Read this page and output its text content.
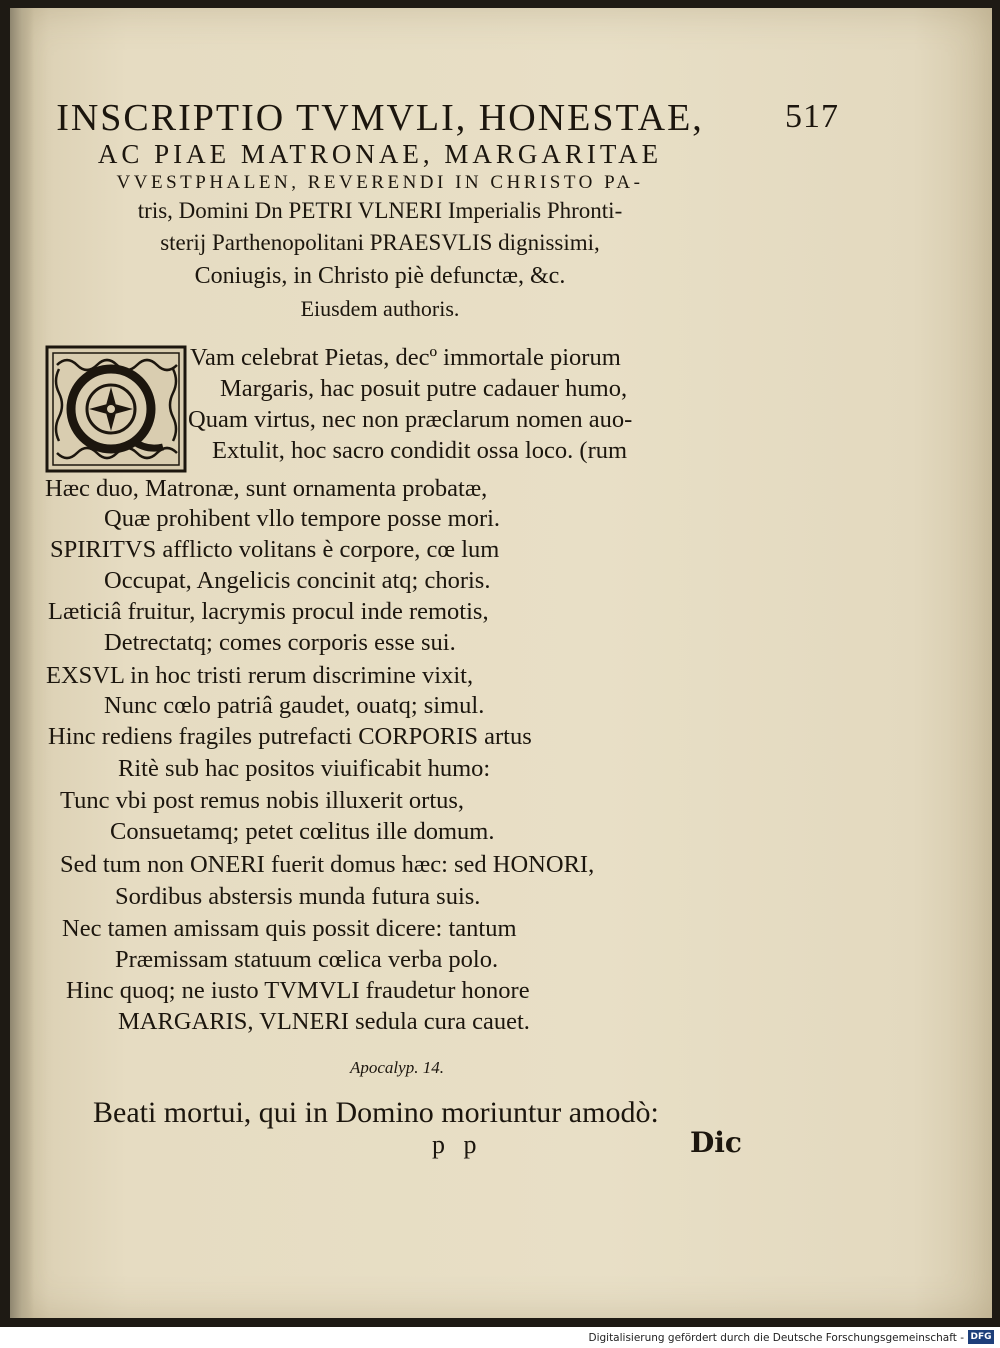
517
INSCRIPTIO TVMVLI, HONESTAE,
AC PIAE MATRONAE, MARGARITAE
VVESTPHALEN, REVERENDI IN CHRISTO PA-
tris, Domini Dn PETRI VLNERI Imperialis Phronti-
sterij Parthenopolitani PRAESVLIS dignissimi,
Coniugis, in Christo piè defunctæ, &c.
Eiusdem authoris.
Q
Vam celebrat Pietas, decº immortale piorum
Margaris, hac posuit putre cadauer humo,
Quam virtus, nec non præclarum nomen auo-
Extulit, hoc sacro condidit ossa loco. (rum
Hæc duo, Matronæ, sunt ornamenta probatæ,
Quæ prohibent vllo tempore posse mori.
SPIRITVS afflicto volitans è corpore, cœ lum
Occupat, Angelicis concinit atq; choris.
Læticiâ fruitur, lacrymis procul inde remotis,
Detrectatq; comes corporis esse sui.
EXSVL in hoc tristi rerum discrimine vixit,
Nunc cœlo patriâ gaudet, ouatq; simul.
Hinc rediens fragiles putrefacti CORPORIS artus
Ritè sub hac positos viuificabit humo:
Tunc vbi post remus nobis illuxerit ortus,
Consuetamq; petet cœlitus ille domum.
Sed tum non ONERI fuerit domus hæc: sed HONORI,
Sordibus abstersis munda futura suis.
Nec tamen amissam quis possit dicere: tantum
Præmissam statuum cœlica verba polo.
Hinc quoq; ne iusto TVMVLI fraudetur honore
MARGARIS, VLNERI sedula cura cauet.
Apocalyp. 14.
Beati mortui, qui in Domino moriuntur amodò:
p p	Dic
Digitalisierung gefördert durch die Deutsche Forschungsgemeinschaft - DFG
